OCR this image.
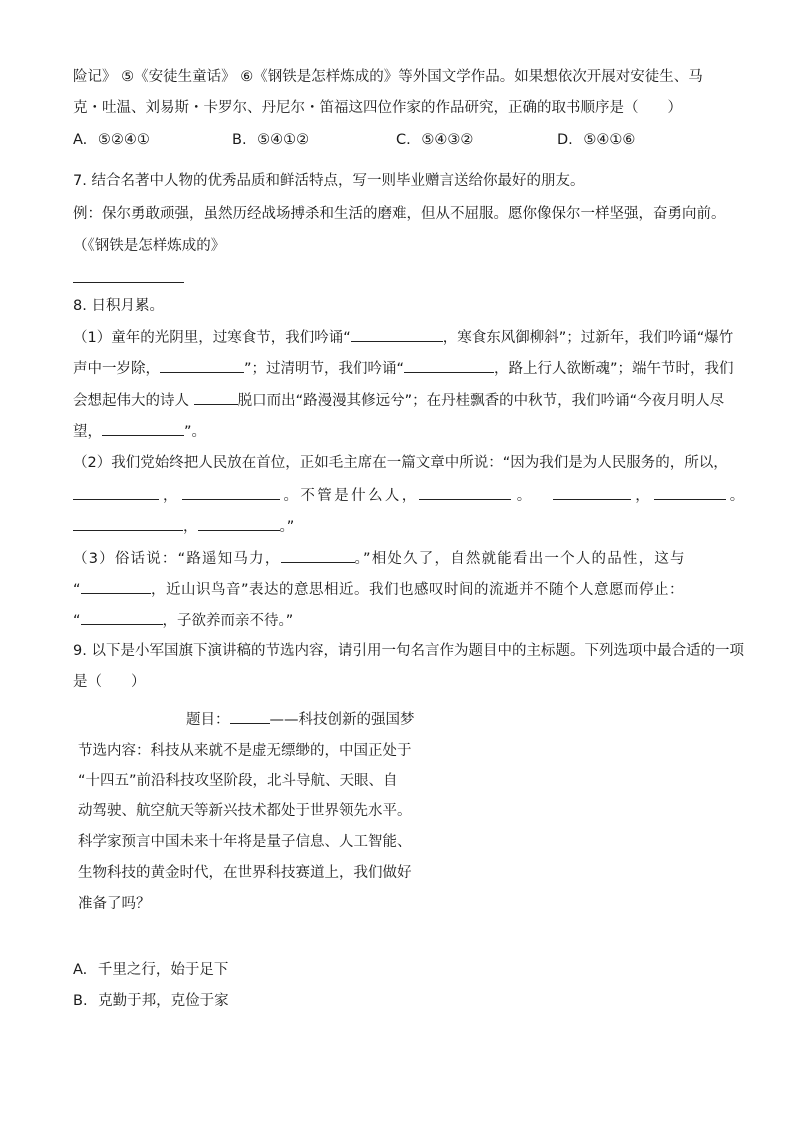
险记》 ⑤《安徒生童话》 ⑥《钢铁是怎样炼成的》等外国文学作品。如果想依次开展对安徒生、马
克・吐温、刘易斯・卡罗尔、丹尼尔・笛福这四位作家的作品研究，正确的取书顺序是（　　）
A. ⑤②④①	B. ⑤④①②	C. ⑤④③②	D. ⑤④①⑥
7. 结合名著中人物的优秀品质和鲜活特点，写一则毕业赠言送给你最好的朋友。
例：保尔勇敢顽强，虽然历经战场搏杀和生活的磨难，但从不屈服。愿你像保尔一样坚强，奋勇向前。
（《钢铁是怎样炼成的》
8. 日积月累。
（1）童年的光阴里，过寒食节，我们吟诵“	，寒食东风御柳斜”；过新年，我们吟诵“爆竹
声中一岁除，	”；过清明节，我们吟诵“	，路上行人欲断魂”；端午节时，我们
会想起伟大的诗人	脱口而出“路漫漫其修远兮”；在丹桂飘香的中秋节，我们吟诵“今夜月明人尽
望，	”。
（2）我们党始终把人民放在首位，正如毛主席在一篇文章中所说：“因为我们是为人民服务的，所以，
，	。不管是什么人，	。	，	。
，	。”
（3）俗话说：“路遥知马力，	。”相处久了，自然就能看出一个人的品性，这与
“	，近山识鸟音”表达的意思相近。我们也感叹时间的流逝并不随个人意愿而停止：
“	，子欲养而亲不待。”
9. 以下是小军国旗下演讲稿的节选内容，请引用一句名言作为题目中的主标题。下列选项中最合适的一项
是（　　）
题目：	——科技创新的强国梦
节选内容：科技从来就不是虚无缥缈的，中国正处于
“十四五”前沿科技攻坚阶段，北斗导航、天眼、自
动驾驶、航空航天等新兴技术都处于世界领先水平。
科学家预言中国未来十年将是量子信息、人工智能、
生物科技的黄金时代，在世界科技赛道上，我们做好
准备了吗？
A. 千里之行，始于足下
B. 克勤于邦，克俭于家
